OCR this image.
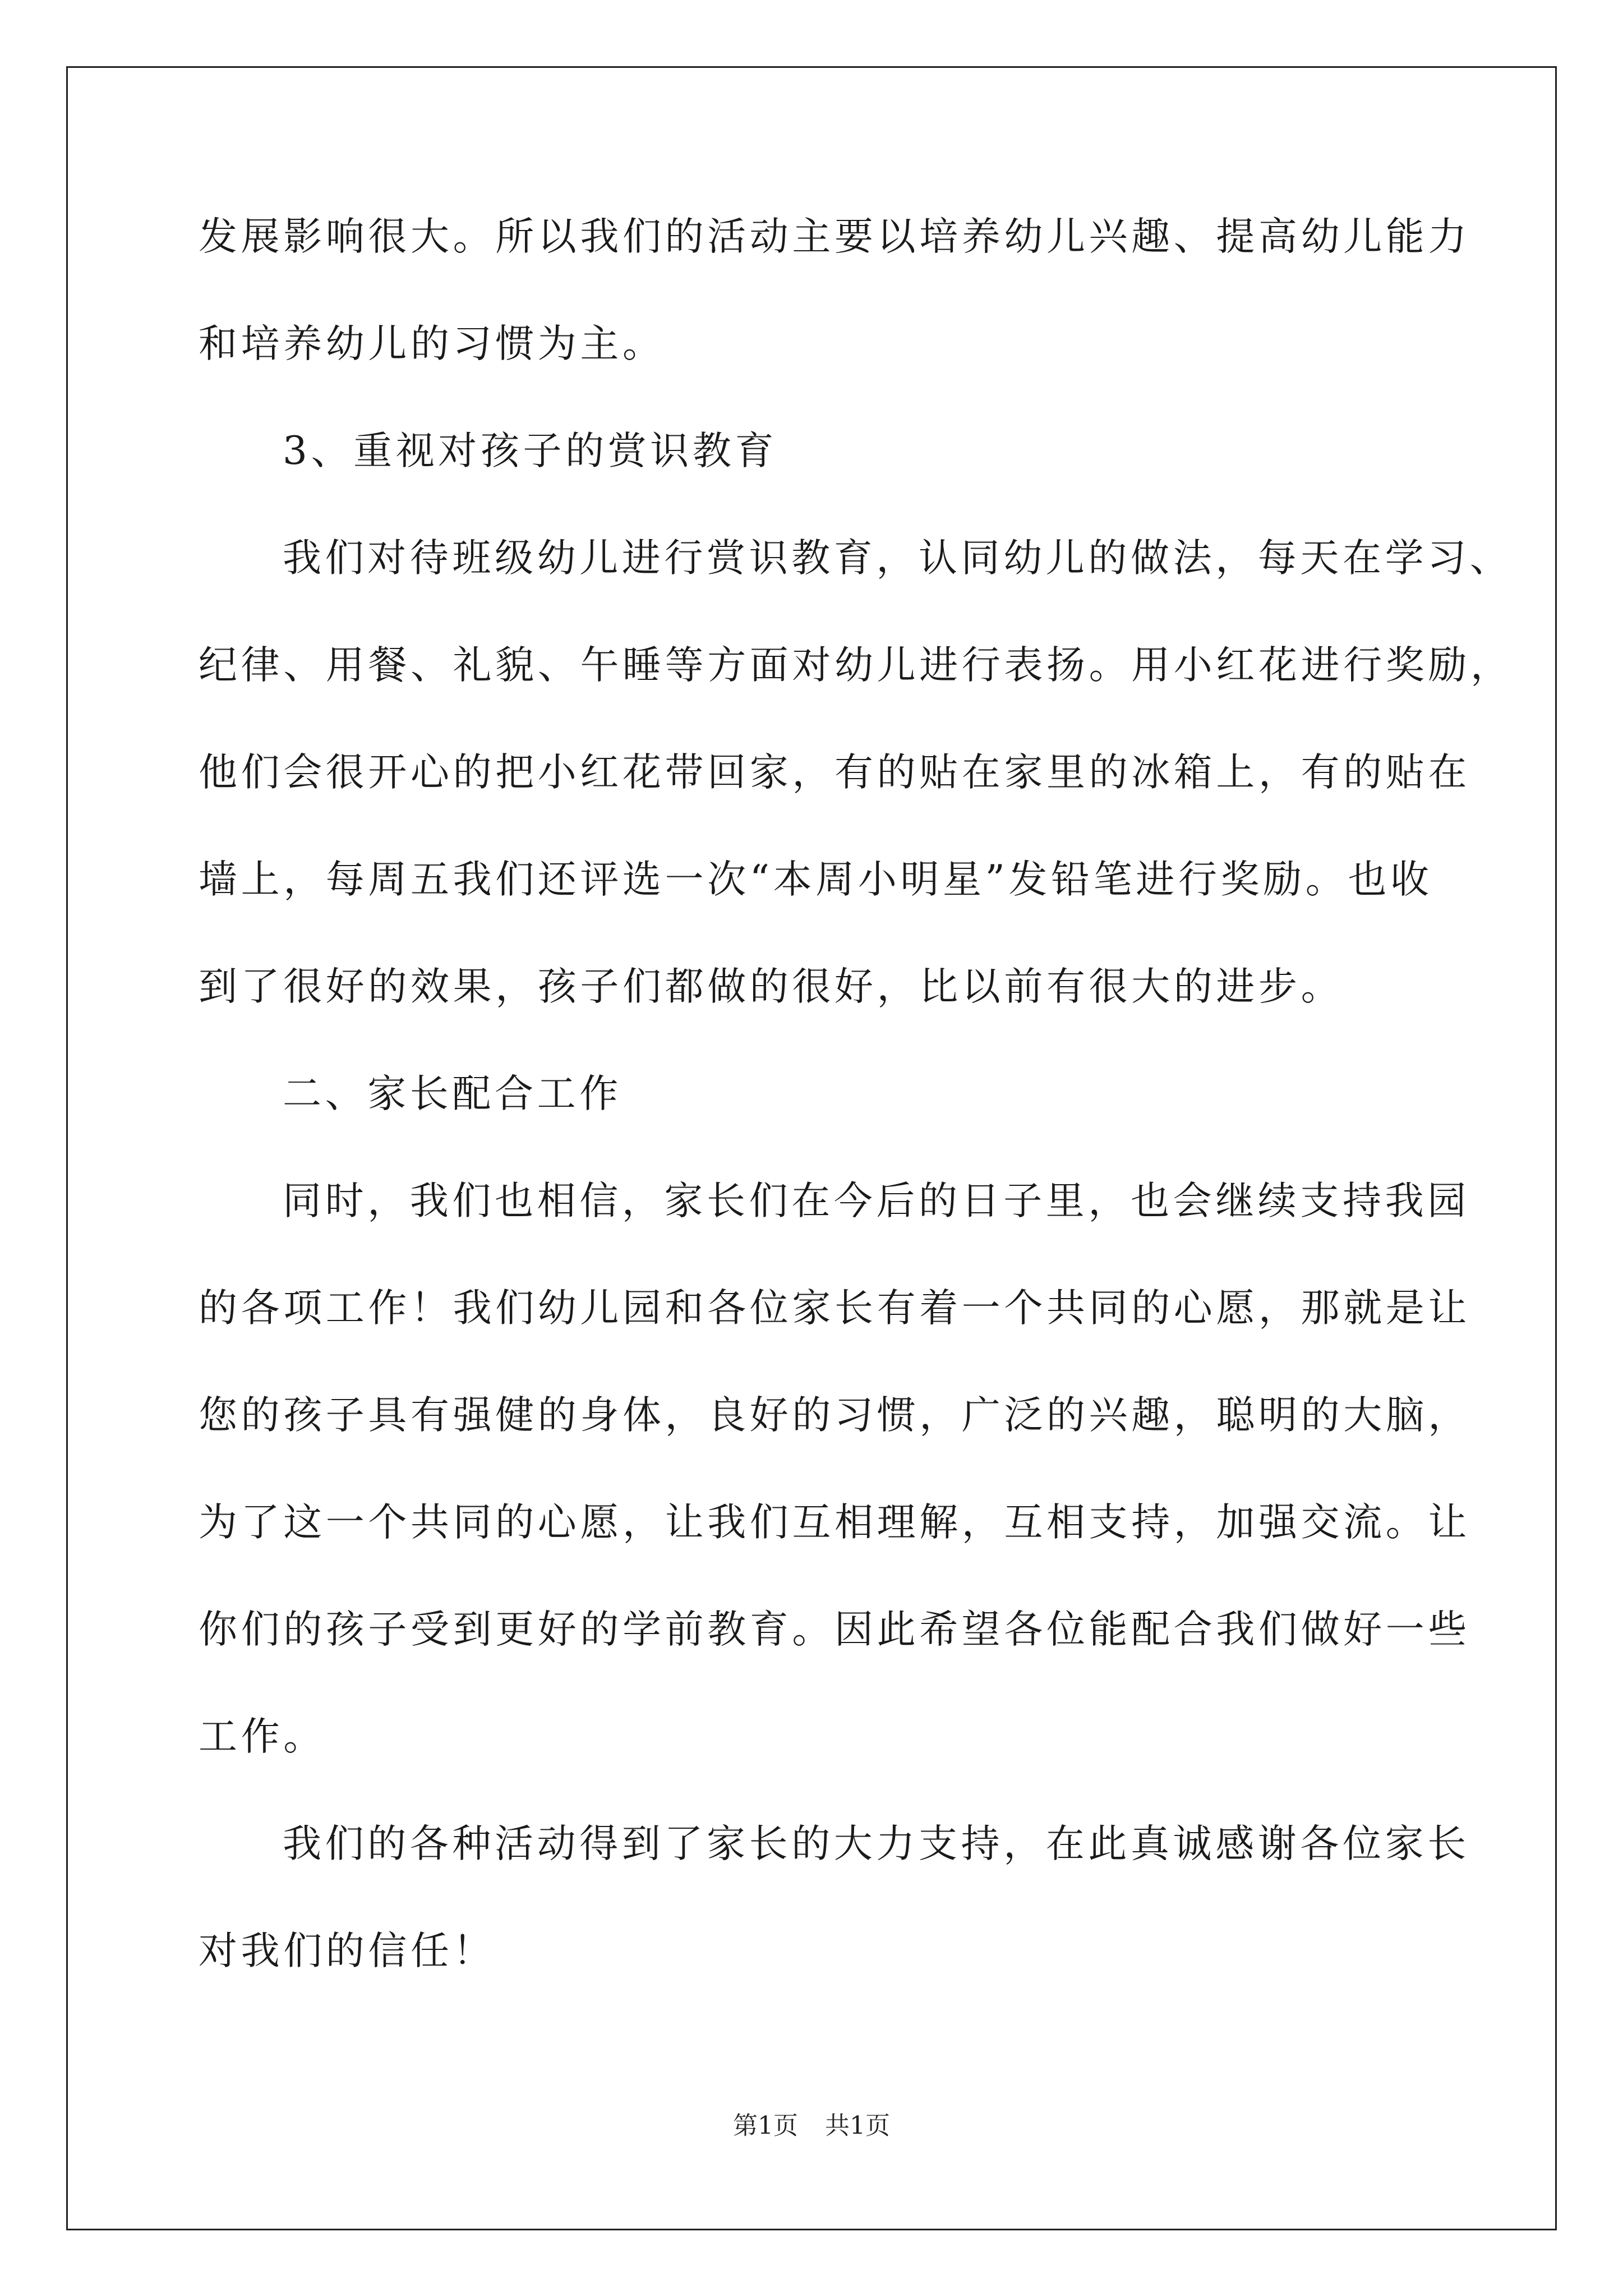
发展影响很大。所以我们的活动主要以培养幼儿兴趣、提高幼儿能力
和培养幼儿的习惯为主。
3、重视对孩子的赏识教育
我们对待班级幼儿进行赏识教育，认同幼儿的做法，每天在学习、
纪律、用餐、礼貌、午睡等方面对幼儿进行表扬。用小红花进行奖励，
他们会很开心的把小红花带回家，有的贴在家里的冰箱上，有的贴在
墙上，每周五我们还评选一次“本周小明星”发铅笔进行奖励。也收
到了很好的效果，孩子们都做的很好，比以前有很大的进步。
二、家长配合工作
同时，我们也相信，家长们在今后的日子里，也会继续支持我园
的各项工作！我们幼儿园和各位家长有着一个共同的心愿，那就是让
您的孩子具有强健的身体，良好的习惯，广泛的兴趣，聪明的大脑，
为了这一个共同的心愿，让我们互相理解，互相支持，加强交流。让
你们的孩子受到更好的学前教育。因此希望各位能配合我们做好一些
工作。
我们的各种活动得到了家长的大力支持，在此真诚感谢各位家长
对我们的信任！
第1页 共1页
